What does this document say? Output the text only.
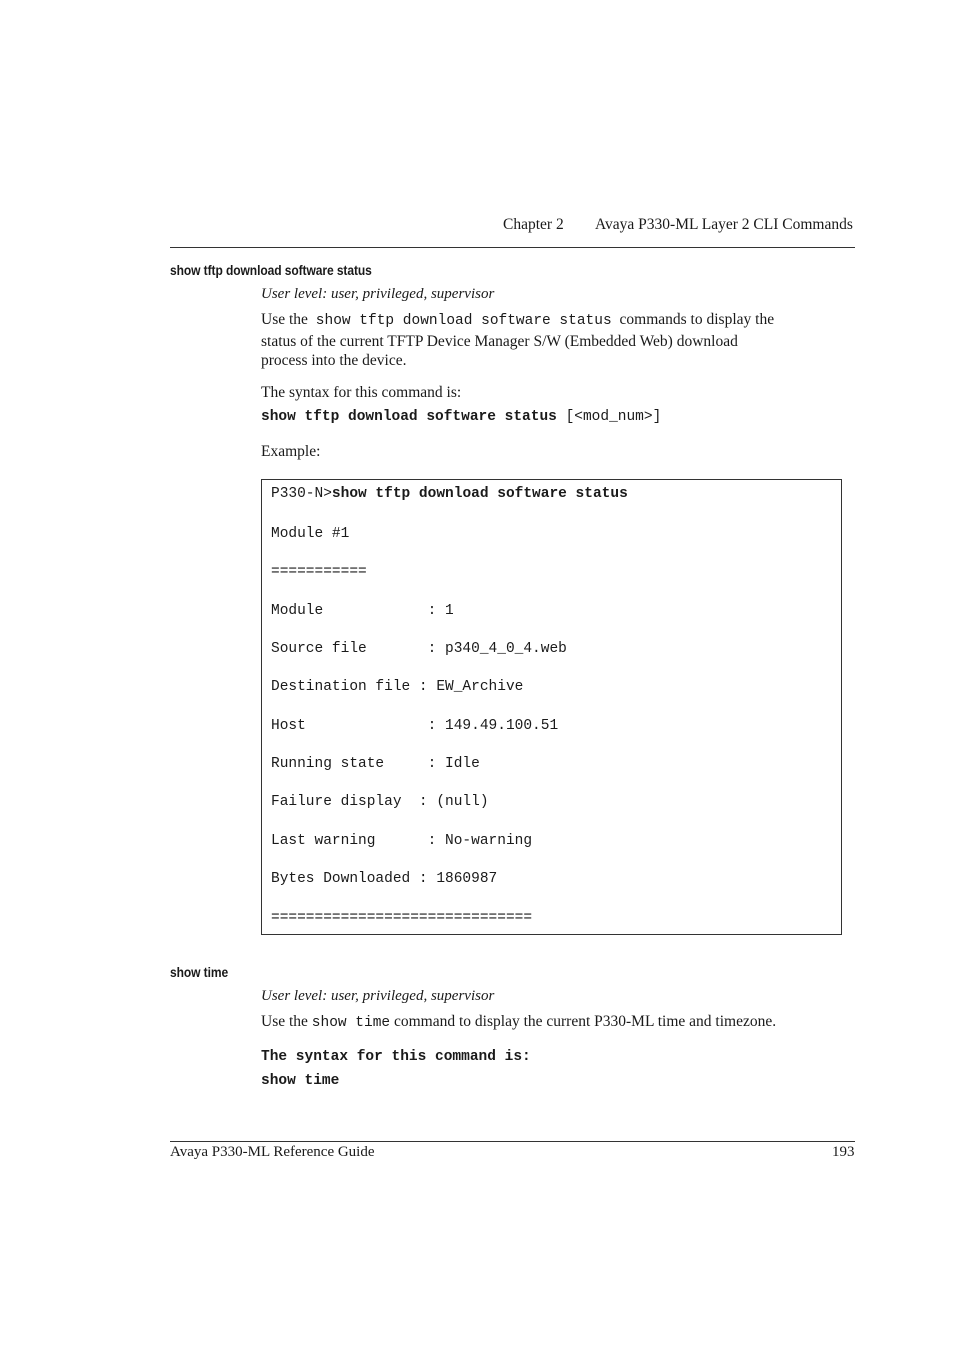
Chapter 2 Avaya P330-ML Layer 2 CLI Commands
show tftp download software status
User level: user, privileged, supervisor
Use the show tftp download software status commands to display the
status of the current TFTP Device Manager S/W (Embedded Web) download
process into the device.
The syntax for this command is:
show tftp download software status [<mod_num>]
Example:
P330-N>show tftp download software status
Module #1
===========
Module            : 1
Source file       : p340_4_0_4.web
Destination file : EW_Archive
Host              : 149.49.100.51
Running state     : Idle
Failure display  : (null)
Last warning      : No-warning
Bytes Downloaded : 1860987
==============================
show time
User level: user, privileged, supervisor
Use the show time command to display the current P330-ML time and timezone.
The syntax for this command is:
show time
Avaya P330-ML Reference Guide	193
